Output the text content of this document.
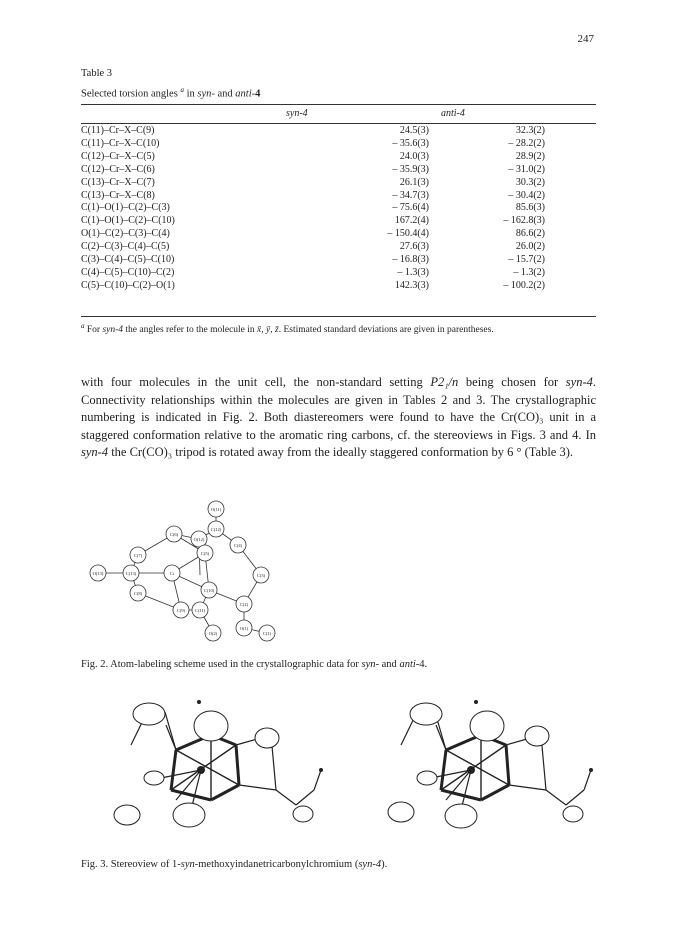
247
Table 3
Selected torsion angles $^a$ in syn- and anti-4
syn-4	anti-4
C(11)–Cr–X–C(9)	24.5(3)	32.3(2)	
C(11)–Cr–X–C(10)	– 35.6(3)	– 28.2(2)	
C(12)–Cr–X–C(5)	24.0(3)	28.9(2)	
C(12)–Cr–X–C(6)	– 35.9(3)	– 31.0(2)	
C(13)–Cr–X–C(7)	26.1(3)	30.3(2)	
C(13)–Cr–X–C(8)	– 34.7(3)	– 30.4(2)	
C(1)–O(1)–C(2)–C(3)	– 75.6(4)	85.6(3)	
C(1)–O(1)–C(2)–C(10)	167.2(4)	– 162.8(3)	
O(1)–C(2)–C(3)–C(4)	– 150.4(4)	86.6(2)	
C(2)–C(3)–C(4)–C(5)	27.6(3)	26.0(2)	
C(3)–C(4)–C(5)–C(10)	– 16.8(3)	– 15.7(2)	
C(4)–C(5)–C(10)–C(2)	– 1.3(3)	– 1.3(2)	
C(5)–C(10)–C(2)–O(1)	142.3(3)	– 100.2(2)	
$^a$ For syn-4 the angles refer to the molecule in x̄, ȳ, z̄. Estimated standard deviations are given in parentheses.
with four molecules in the unit cell, the non-standard setting P2₁/n being chosen for syn-4. Connectivity relationships within the molecules are given in Tables 2 and 3. The crystallographic numbering is indicated in Fig. 2. Both diastereomers were found to have the Cr(CO)₃ unit in a staggered conformation relative to the aromatic ring carbons, cf. the stereoviews in Figs. 3 and 4. In syn-4 the Cr(CO)₃ tripod is rotated away from the ideally staggered conformation by 6 ° (Table 3).
O(11)
O(12)
C(12)
C(4)
C(6)
C(7)	C(5)
O(13)	C(13)	Cr	C(3)
C(8)
C(10)
C(2)
C(9) C(11)
O(1)
O(2)	C(1)
Fig. 2. Atom-labeling scheme used in the crystallographic data for syn- and anti-4.
Fig. 3. Stereoview of 1-syn-methoxyindanetricarbonylchromium (syn-4).
